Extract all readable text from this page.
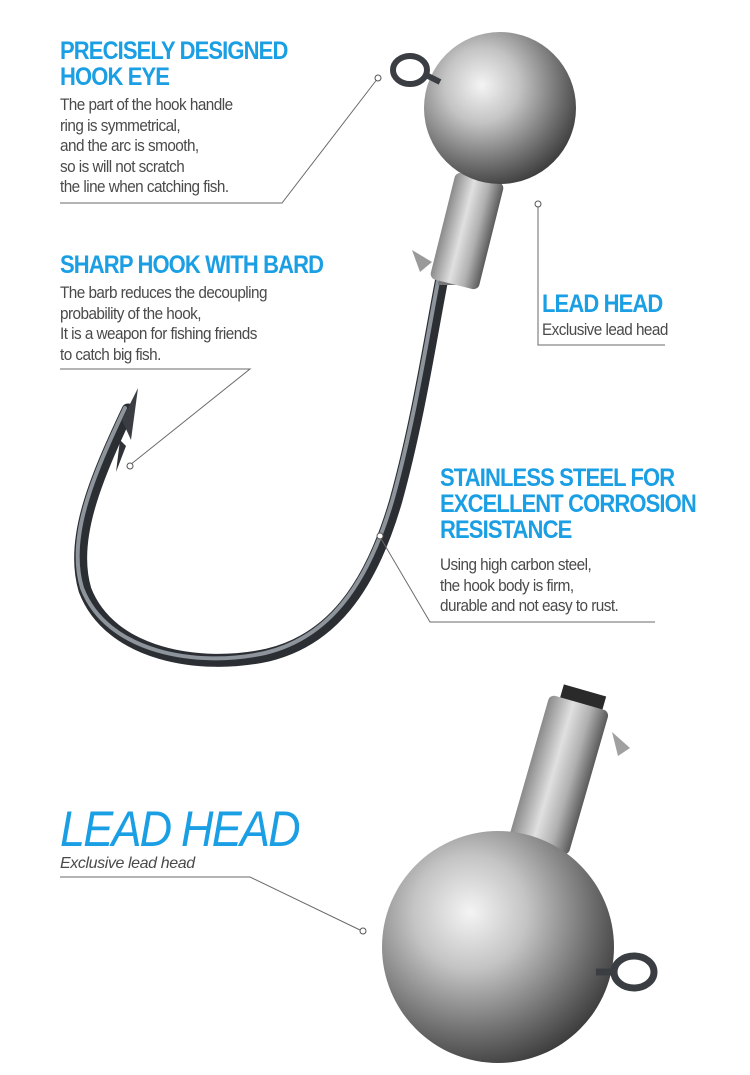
PRECISELY DESIGNED
HOOK EYE
The part of the hook handle
ring is symmetrical,
and the arc is smooth,
so is will not scratch
the line when catching fish.
SHARP HOOK WITH BARD
The barb reduces the decoupling
probability of the hook,
It is a weapon for fishing friends
to catch big fish.
LEAD HEAD
Exclusive lead head
STAINLESS STEEL FOR
EXCELLENT CORROSION
RESISTANCE
Using high carbon steel,
the hook body is firm,
durable and not easy to rust.
LEAD HEAD
Exclusive lead head
